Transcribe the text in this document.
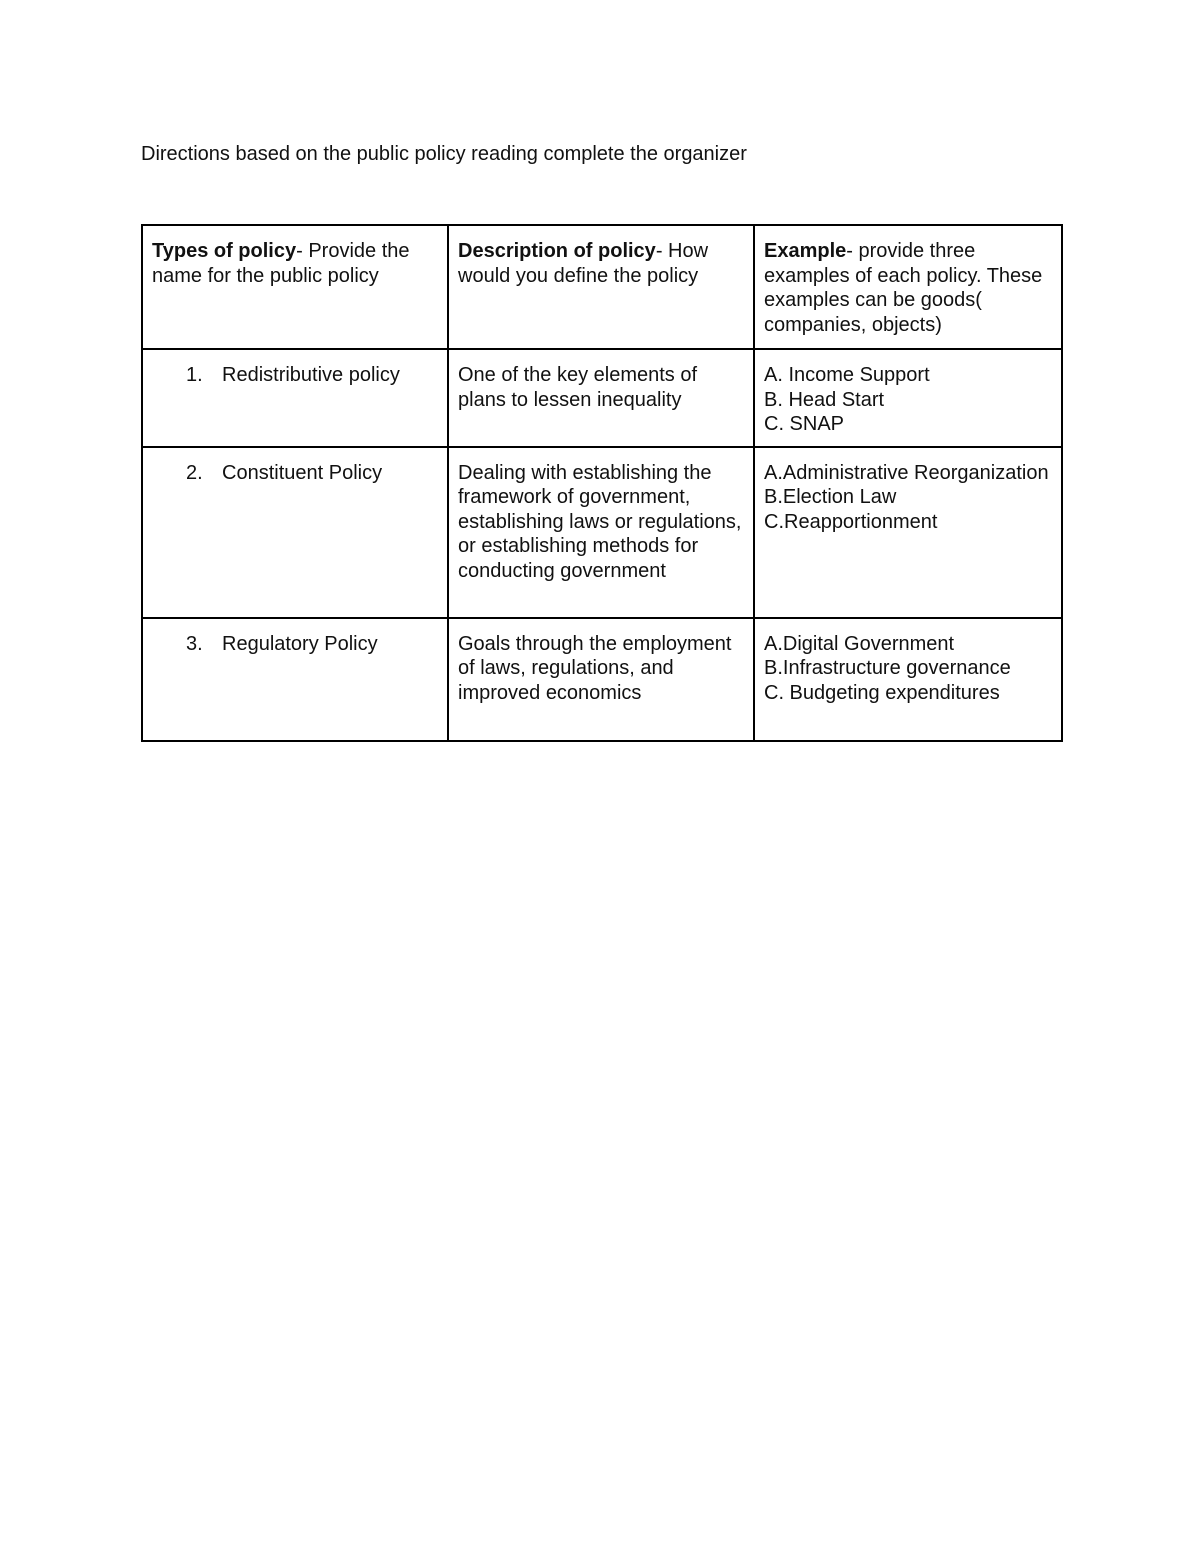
Directions based on the public policy reading complete the organizer
Types of policy- Provide the name for the public policy	Description of policy- How would you define the policy	Example- provide three examples of each policy. These examples can be goods( companies, objects)

1. Redistributive policy	One of the key elements of plans to lessen inequality	A. Income Support
B. Head Start
C. SNAP

2. Constituent Policy	Dealing with establishing the framework of government, establishing laws or regulations, or establishing methods for conducting government	A.Administrative Reorganization
B.Election Law
C.Reapportionment

3. Regulatory Policy	Goals through the employment of laws, regulations, and improved economics	A.Digital Government
B.Infrastructure governance
C. Budgeting expenditures
